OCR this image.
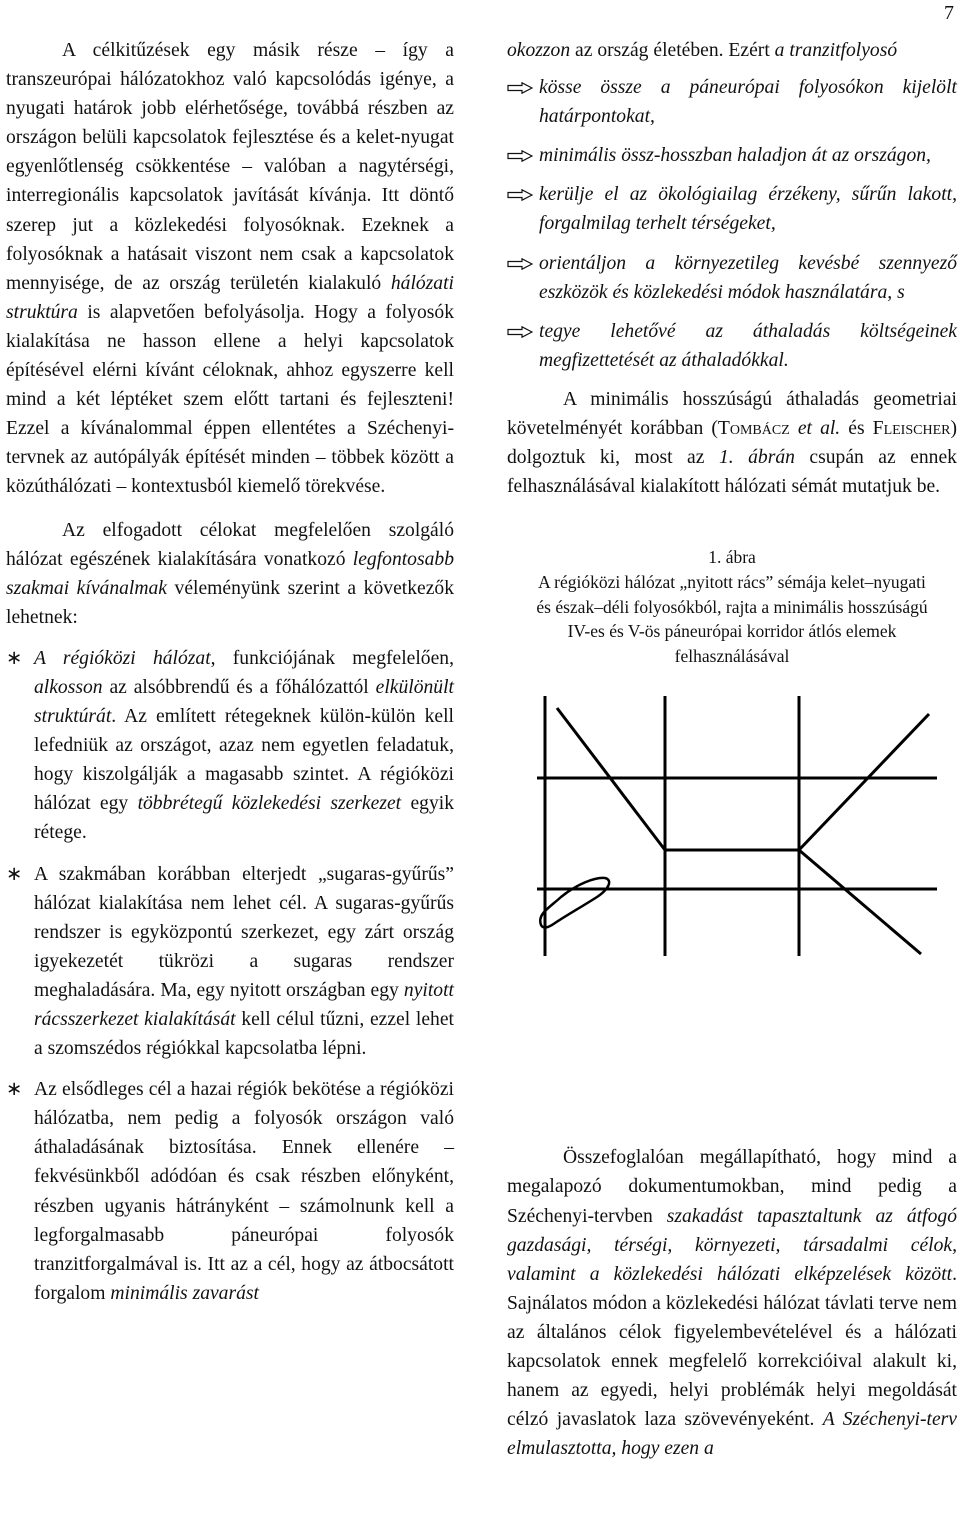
7

A célkitűzések egy másik része – így a transzeurópai hálózatokhoz való kapcsolódás igénye, a nyugati határok jobb elérhetősége, továbbá részben az országon belüli kapcsolatok fejlesztése és a kelet-nyugat egyenlőtlenség csökkentése – valóban a nagytérségi, interregionális kapcsolatok javítását kívánja. Itt döntő szerep jut a közlekedési folyosóknak. Ezeknek a folyosóknak a hatásait viszont nem csak a kapcsolatok mennyisége, de az ország területén kialakuló hálózati struktúra is alapvetően befolyásolja. Hogy a folyosók kialakítása ne hasson ellene a helyi kapcsolatok építésével elérni kívánt céloknak, ahhoz egyszerre kell mind a két léptéket szem előtt tartani és fejleszteni! Ezzel a kívánalommal éppen ellentétes a Széchenyi-tervnek az autópályák építését minden – többek között a közúthálózati – kontextusból kiemelő törekvése.

Az elfogadott célokat megfelelően szolgáló hálózat egészének kialakítására vonatkozó legfontosabb szakmai kívánalmak véleményünk szerint a következők lehetnek:

∗ A régióközi hálózat, funkciójának megfelelően, alkosson az alsóbbrendű és a főhálózattól elkülönült struktúrát. Az említett rétegeknek külön-külön kell lefedniük az országot, azaz nem egyetlen feladatuk, hogy kiszolgálják a magasabb szintet. A régióközi hálózat egy többrétegű közlekedési szerkezet egyik rétege.
∗ A szakmában korábban elterjedt „sugaras-gyűrűs” hálózat kialakítása nem lehet cél. A sugaras-gyűrűs rendszer is egyközpontú szerkezet, egy zárt ország igyekezetét tükrözi a sugaras rendszer meghaladására. Ma, egy nyitott országban egy nyitott rácsszerkezet kialakítását kell célul tűzni, ezzel lehet a szomszédos régiókkal kapcsolatba lépni.
∗ Az elsődleges cél a hazai régiók bekötése a régióközi hálózatba, nem pedig a folyosók országon való áthaladásának biztosítása. Ennek ellenére – fekvésünkből adódóan és csak részben előnyként, részben ugyanis hátrányként – számolnunk kell a legforgalmasabb páneurópai folyosók tranzitforgalmával is. Itt az a cél, hogy az átbocsátott forgalom minimális zavarást

okozzon az ország életében. Ezért a tranzitfolyosó

kösse össze a páneurópai folyosókon kijelölt határpontokat,
minimális össz-hosszban haladjon át az országon,
kerülje el az ökológiailag érzékeny, sűrűn lakott, forgalmilag terhelt térségeket,
orientáljon a környezetileg kevésbé szennyező eszközök és közlekedési módok használatára, s
tegye lehetővé az áthaladás költségeinek megfizettetését az áthaladókkal.

A minimális hosszúságú áthaladás geometriai követelményét korábban (Tombácz et al. és Fleischer) dolgoztuk ki, most az 1. ábrán csupán az ennek felhasználásával kialakított hálózati sémát mutatjuk be.

1. ábra
A régióközi hálózat „nyitott rács” sémája kelet–nyugati és észak–déli folyosókból, rajta a minimális hosszúságú IV-es és V-ös páneurópai korridor átlós elemek felhasználásával

Összefoglalóan megállapítható, hogy mind a megalapozó dokumentumokban, mind pedig a Széchenyi-tervben szakadást tapasztaltunk az átfogó gazdasági, térségi, környezeti, társadalmi célok, valamint a közlekedési hálózati elképzelések között. Sajnálatos módon a közlekedési hálózat távlati terve nem az általános célok figyelembevételével és a hálózati kapcsolatok ennek megfelelő korrekcióival alakult ki, hanem az egyedi, helyi problémák helyi megoldását célzó javaslatok laza szövevényeként. A Széchenyi-terv elmulasztotta, hogy ezen a
